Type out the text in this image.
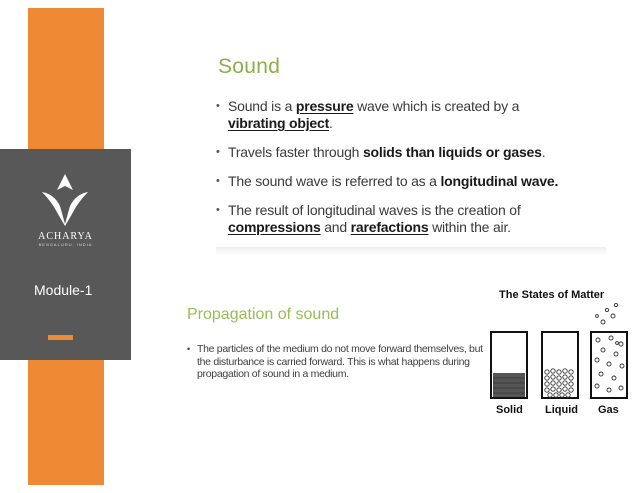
ACHARYA
BENGALURU, INDIA
Module-1
Sound
• Sound is a pressure wave which is created by a vibrating object.
• Travels faster through solids than liquids or gases.
• The sound wave is referred to as a longitudinal wave.
• The result of longitudinal waves is the creation of compressions and rarefactions within the air.
Propagation of sound

• The particles of the medium do not move forward themselves, but the disturbance is carried forward. This is what happens during propagation of sound in a medium.

The States of Matter
Solid Liquid Gas
